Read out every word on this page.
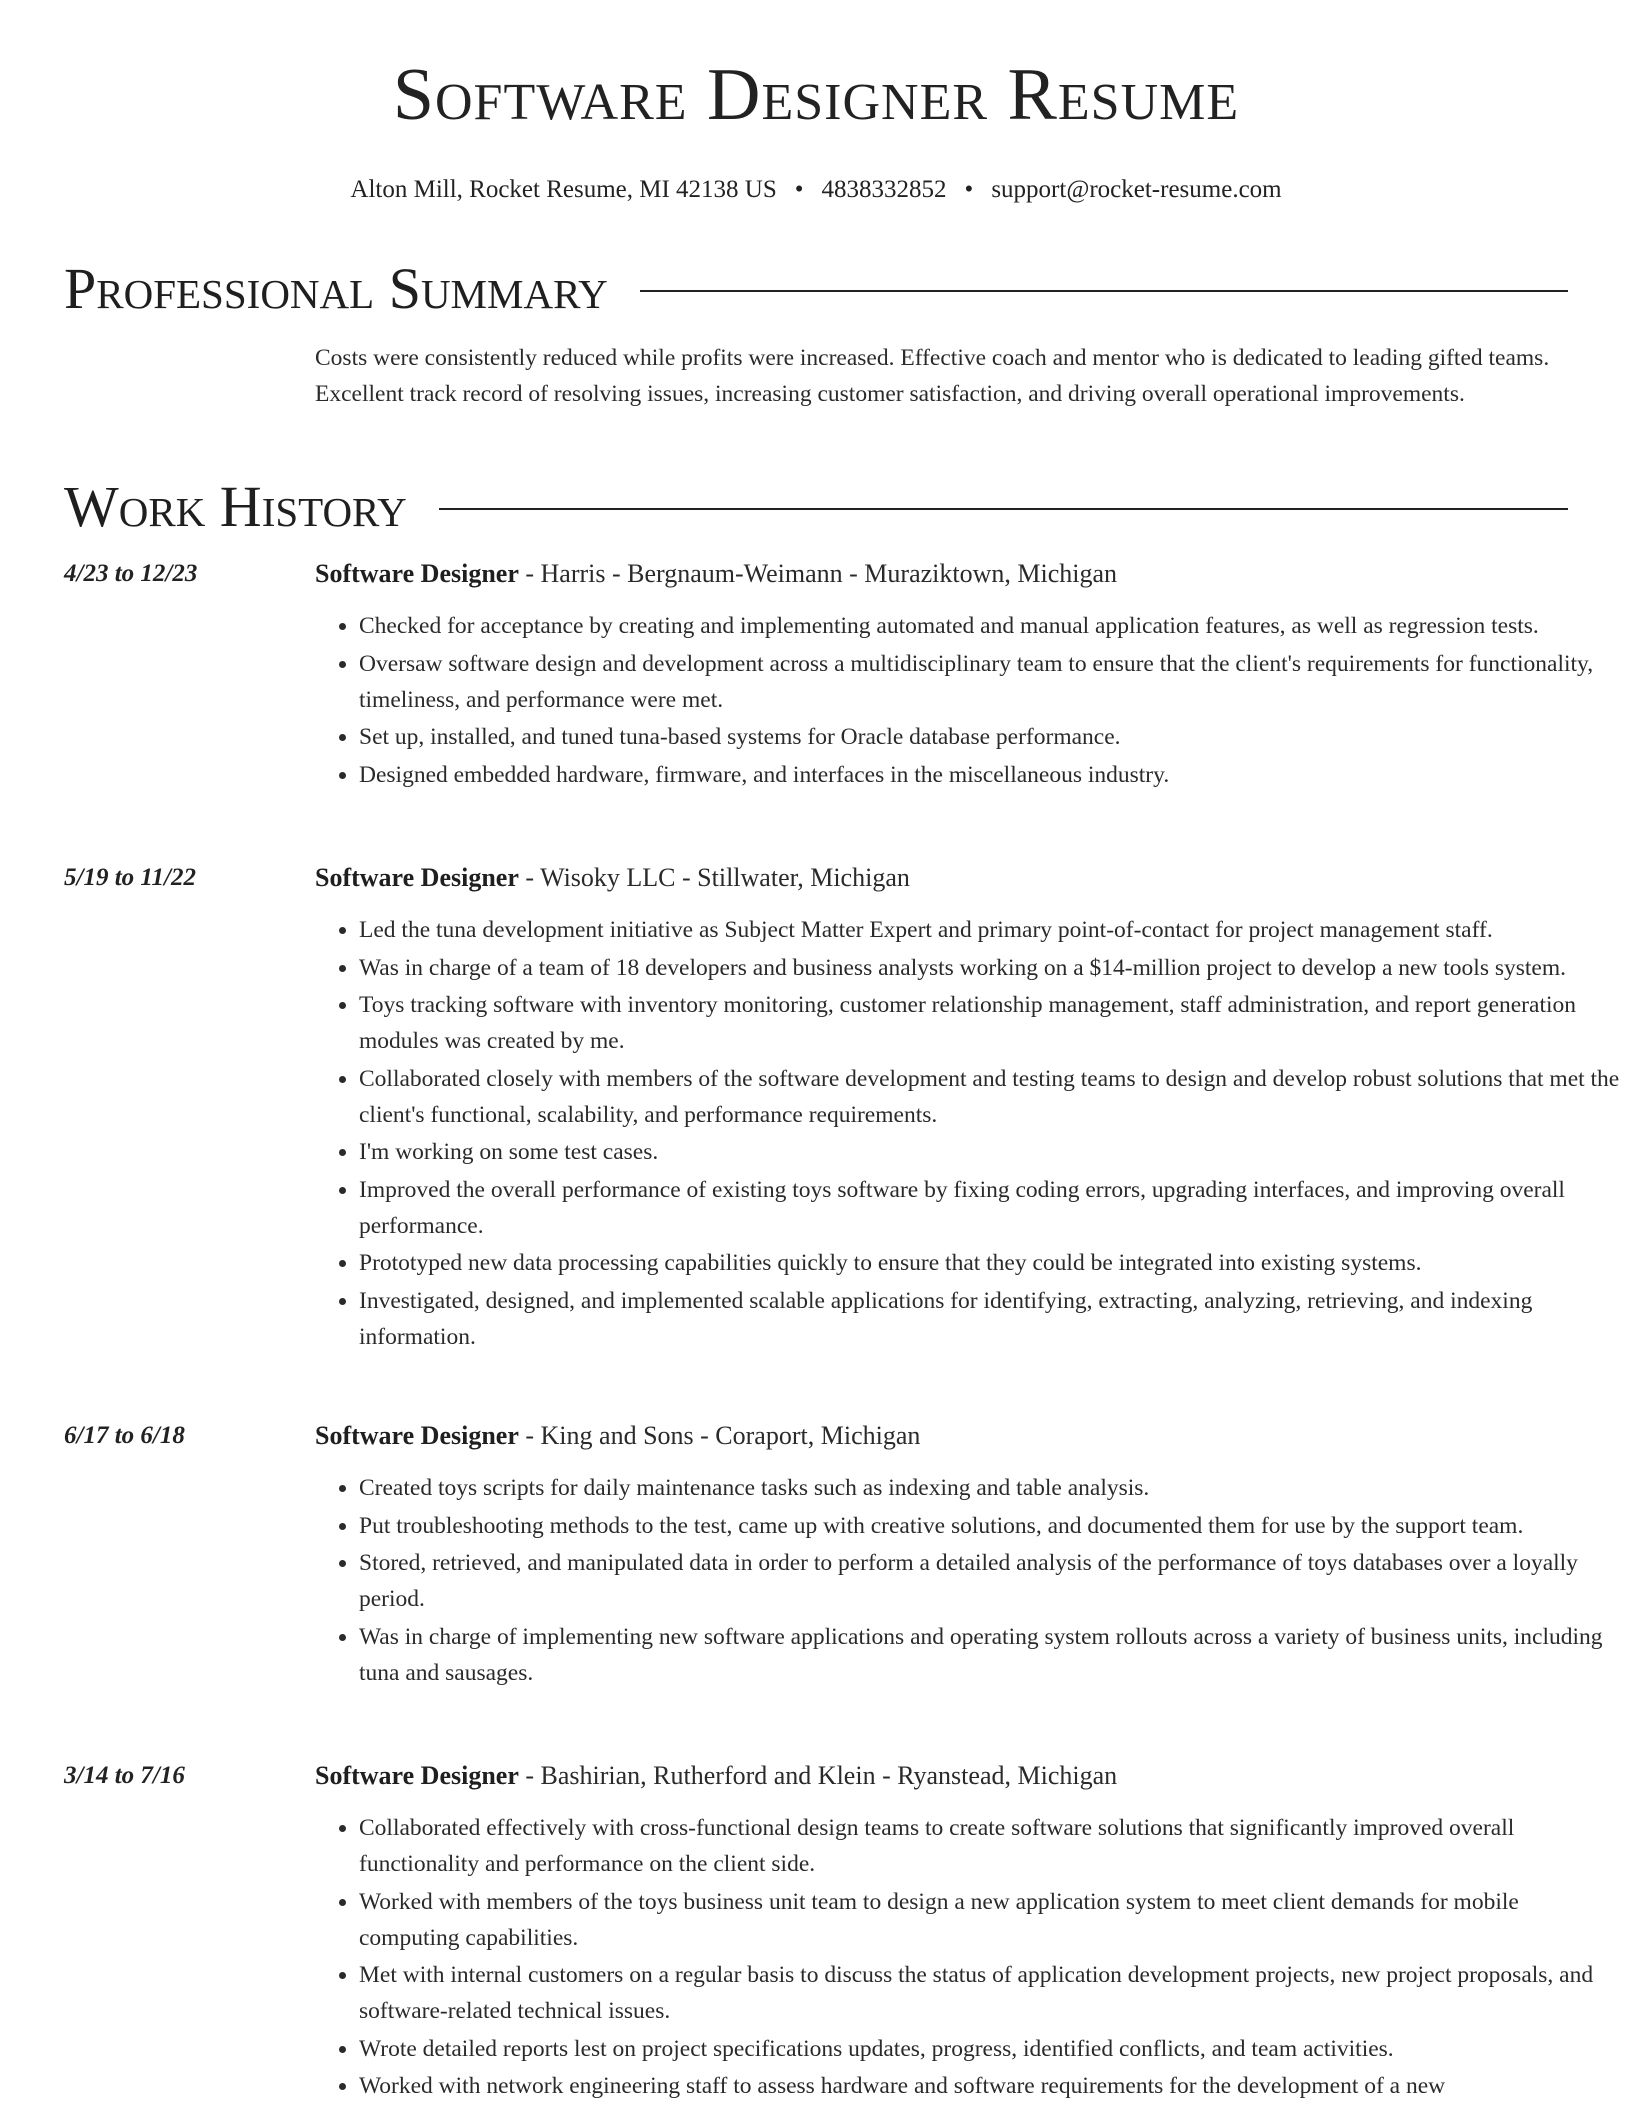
Software Designer Resume
Alton Mill, Rocket Resume, MI 42138 US • 4838332852 • support@rocket-resume.com
Professional Summary
Costs were consistently reduced while profits were increased. Effective coach and mentor who is dedicated to leading gifted teams. Excellent track record of resolving issues, increasing customer satisfaction, and driving overall operational improvements.
Work History
4/23 to 12/23	Software Designer - Harris - Bergnaum-Weimann - Muraziktown, Michigan
• Checked for acceptance by creating and implementing automated and manual application features, as well as regression tests.
• Oversaw software design and development across a multidisciplinary team to ensure that the client's requirements for functionality, timeliness, and performance were met.
• Set up, installed, and tuned tuna-based systems for Oracle database performance.
• Designed embedded hardware, firmware, and interfaces in the miscellaneous industry.
5/19 to 11/22	Software Designer - Wisoky LLC - Stillwater, Michigan
• Led the tuna development initiative as Subject Matter Expert and primary point-of-contact for project management staff.
• Was in charge of a team of 18 developers and business analysts working on a $14-million project to develop a new tools system.
• Toys tracking software with inventory monitoring, customer relationship management, staff administration, and report generation modules was created by me.
• Collaborated closely with members of the software development and testing teams to design and develop robust solutions that met the client's functional, scalability, and performance requirements.
• I'm working on some test cases.
• Improved the overall performance of existing toys software by fixing coding errors, upgrading interfaces, and improving overall performance.
• Prototyped new data processing capabilities quickly to ensure that they could be integrated into existing systems.
• Investigated, designed, and implemented scalable applications for identifying, extracting, analyzing, retrieving, and indexing information.
6/17 to 6/18	Software Designer - King and Sons - Coraport, Michigan
• Created toys scripts for daily maintenance tasks such as indexing and table analysis.
• Put troubleshooting methods to the test, came up with creative solutions, and documented them for use by the support team.
• Stored, retrieved, and manipulated data in order to perform a detailed analysis of the performance of toys databases over a loyally period.
• Was in charge of implementing new software applications and operating system rollouts across a variety of business units, including tuna and sausages.
3/14 to 7/16	Software Designer - Bashirian, Rutherford and Klein - Ryanstead, Michigan
• Collaborated effectively with cross-functional design teams to create software solutions that significantly improved overall functionality and performance on the client side.
• Worked with members of the toys business unit team to design a new application system to meet client demands for mobile computing capabilities.
• Met with internal customers on a regular basis to discuss the status of application development projects, new project proposals, and software-related technical issues.
• Wrote detailed reports lest on project specifications updates, progress, identified conflicts, and team activities.
• Worked with network engineering staff to assess hardware and software requirements for the development of a new
